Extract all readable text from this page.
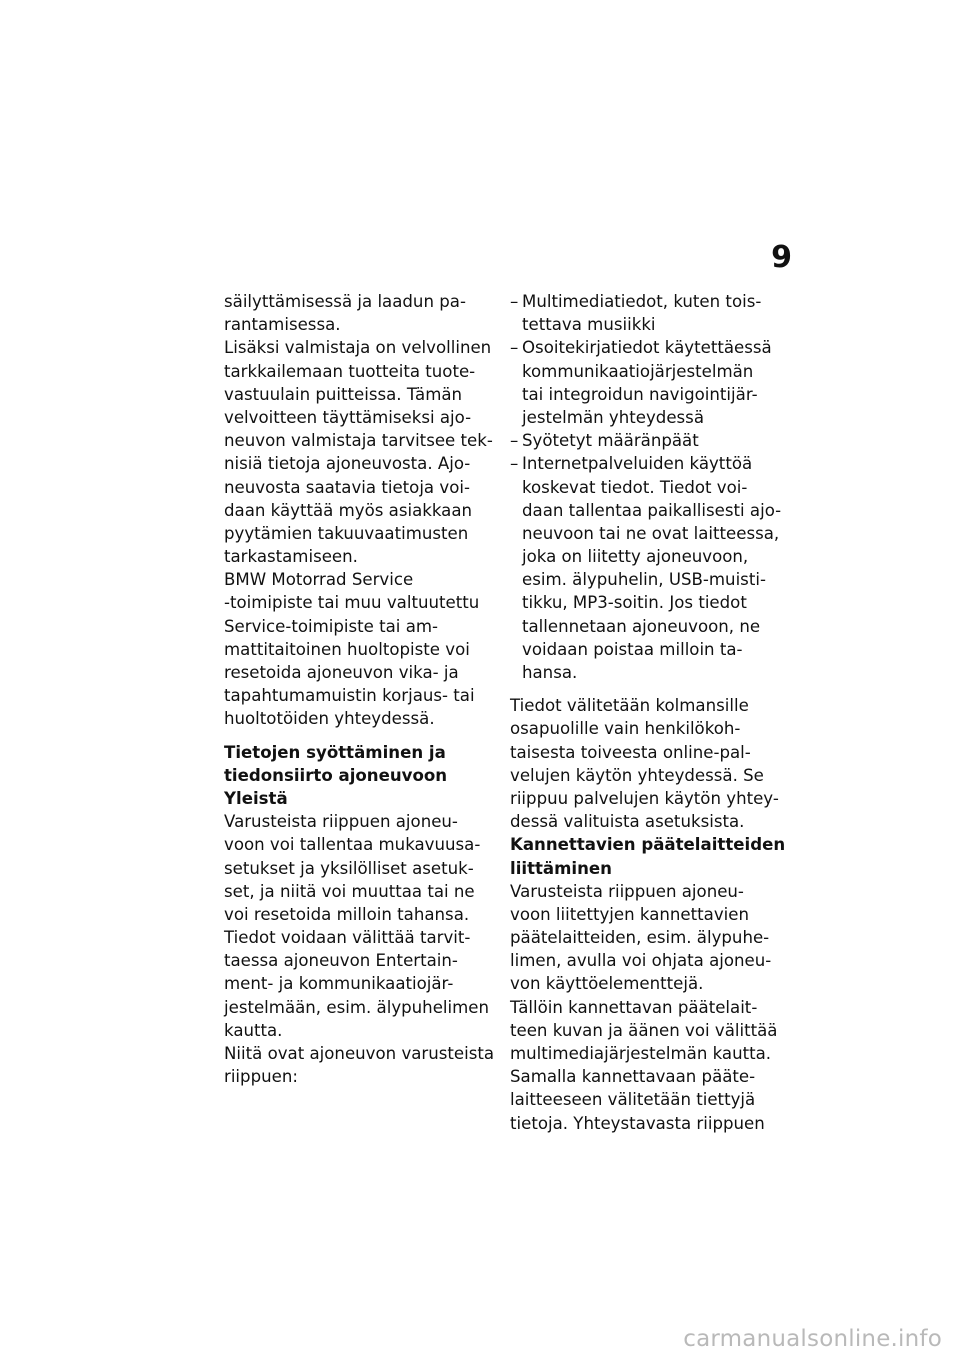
9
säilyttämisessä ja laadun pa-
rantamisessa.
Lisäksi valmistaja on velvollinen
tarkkailemaan tuotteita tuote-
vastuulain puitteissa. Tämän
velvoitteen täyttämiseksi ajo-
neuvon valmistaja tarvitsee tek-
nisiä tietoja ajoneuvosta. Ajo-
neuvosta saatavia tietoja voi-
daan käyttää myös asiakkaan
pyytämien takuuvaatimusten
tarkastamiseen.
BMW Motorrad Service
-toimipiste tai muu valtuutettu
Service-toimipiste tai am-
mattitaitoinen huoltopiste voi
resetoida ajoneuvon vika- ja
tapahtumamuistin korjaus- tai
huoltotöiden yhteydessä.
Tietojen syöttäminen ja
tiedonsiirto ajoneuvoon
Yleistä
Varusteista riippuen ajoneu-
voon voi tallentaa mukavuusa-
setukset ja yksilölliset asetuk-
set, ja niitä voi muuttaa tai ne
voi resetoida milloin tahansa.
Tiedot voidaan välittää tarvit-
taessa ajoneuvon Entertain-
ment- ja kommunikaatiojär-
jestelmään, esim. älypuhelimen
kautta.
Niitä ovat ajoneuvon varusteista
riippuen:
– Multimediatiedot, kuten tois-
tettava musiikki
– Osoitekirjatiedot käytettäessä
kommunikaatiojärjestelmän
tai integroidun navigointijär-
jestelmän yhteydessä
– Syötetyt määränpäät
– Internetpalveluiden käyttöä
koskevat tiedot. Tiedot voi-
daan tallentaa paikallisesti ajo-
neuvoon tai ne ovat laitteessa,
joka on liitetty ajoneuvoon,
esim. älypuhelin, USB-muisti-
tikku, MP3-soitin. Jos tiedot
tallennetaan ajoneuvoon, ne
voidaan poistaa milloin ta-
hansa.
Tiedot välitetään kolmansille
osapuolille vain henkilökoh-
taisesta toiveesta online-pal-
velujen käytön yhteydessä. Se
riippuu palvelujen käytön yhtey-
dessä valituista asetuksista.
Kannettavien päätelaitteiden
liittäminen
Varusteista riippuen ajoneu-
voon liitettyjen kannettavien
päätelaitteiden, esim. älypuhe-
limen, avulla voi ohjata ajoneu-
von käyttöelementtejä.
Tällöin kannettavan päätelait-
teen kuvan ja äänen voi välittää
multimediajärjestelmän kautta.
Samalla kannettavaan pääte-
laitteeseen välitetään tiettyjä
tietoja. Yhteystavasta riippuen
carmanualsonline.info
